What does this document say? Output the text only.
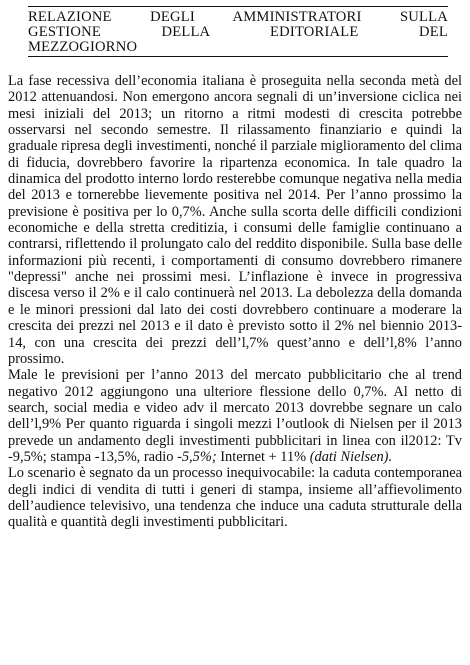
RELAZIONE DEGLI AMMINISTRATORI SULLA
GESTIONE DELLA EDITORIALE DEL
MEZZOGIORNO

La fase recessiva dell’economia italiana è proseguita nella seconda metà del 2012 attenuandosi. Non emergono ancora segnali di un’inversione ciclica nei mesi iniziali del 2013; un ritorno a ritmi modesti di crescita potrebbe osservarsi nel secondo semestre. Il rilassamento finanziario e quindi la graduale ripresa degli investimenti, nonché il parziale miglioramento del clima di fiducia, dovrebbero favorire la ripartenza economica. In tale quadro la dinamica del prodotto interno lordo resterebbe comunque negativa nella media del 2013 e tornerebbe lievemente positiva nel 2014. Per l’anno prossimo la previsione è positiva per lo 0,7%. Anche sulla scorta delle difficili condizioni economiche e della stretta creditizia, i consumi delle famiglie continuano a contrarsi, riflettendo il prolungato calo del reddito disponibile. Sulla base delle informazioni più recenti, i comportamenti di consumo dovrebbero rimanere "depressi" anche nei prossimi mesi. L’inflazione è invece in progressiva discesa verso il 2% e il calo continuerà nel 2013. La debolezza della domanda e le minori pressioni dal lato dei costi dovrebbero continuare a moderare la crescita dei prezzi nel 2013 e il dato è previsto sotto il 2% nel biennio 2013-14, con una crescita dei prezzi dell’l,7% quest’anno e dell’l,8% l’anno prossimo.

Male le previsioni per l’anno 2013 del mercato pubblicitario che al trend negativo 2012 aggiungono una ulteriore flessione dello 0,7%. Al netto di search, social media e video adv il mercato 2013 dovrebbe segnare un calo dell’l,9% Per quanto riguarda i singoli mezzi l’outlook di Nielsen per il 2013 prevede un andamento degli investimenti pubblicitari in linea con il2012: Tv -9,5%; stampa -13,5%, radio -5,5%; Internet + 11% (dati Nielsen).

Lo scenario è segnato da un processo inequivocabile: la caduta contemporanea degli indici di vendita di tutti i generi di stampa, insieme all’affievolimento dell’audience televisivo, una tendenza che induce una caduta strutturale della qualità e quantità degli investimenti pubblicitari.
